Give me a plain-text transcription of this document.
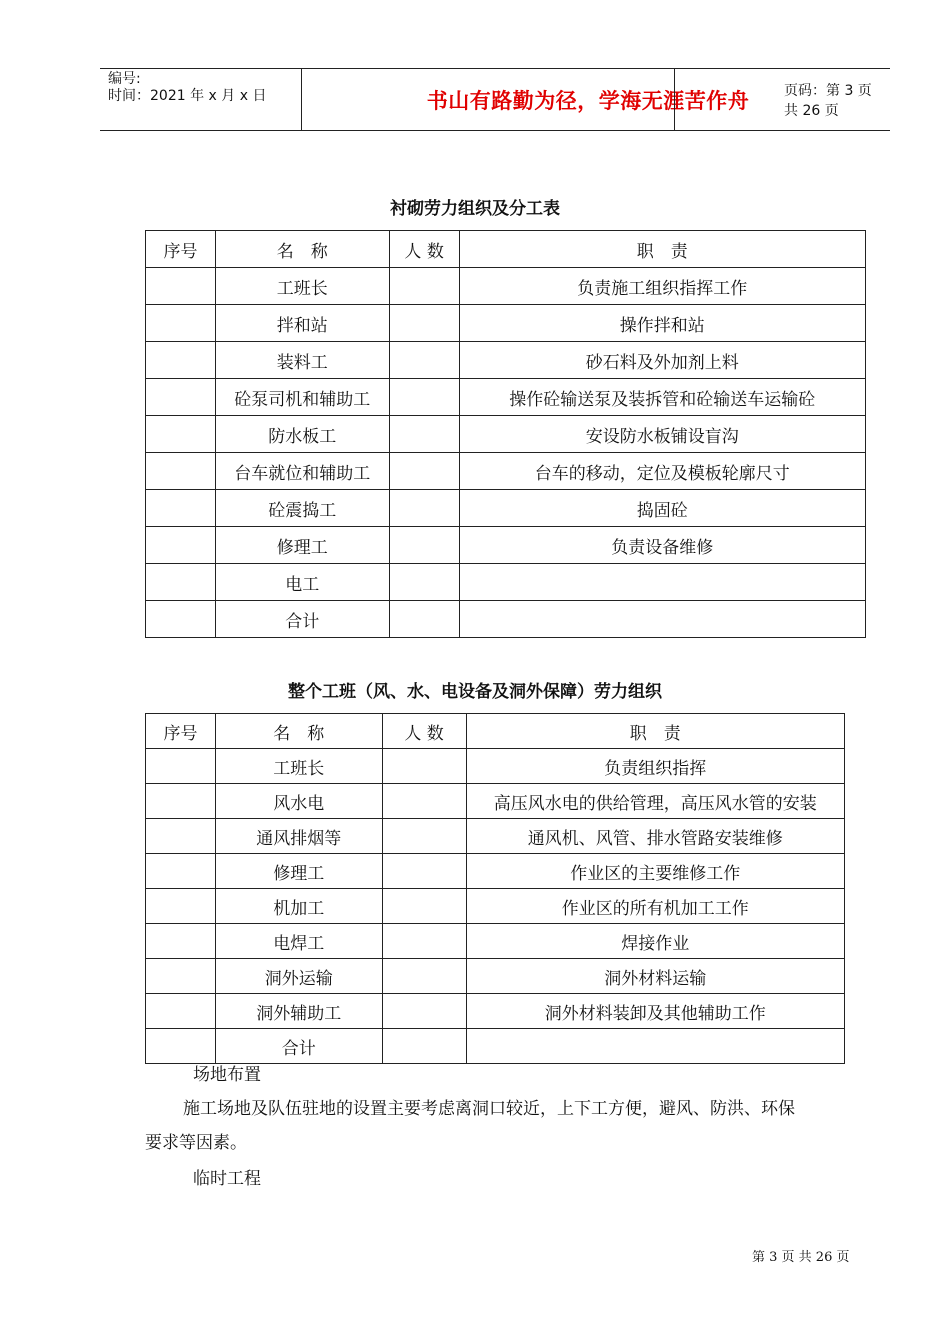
编号:
时间：2021 年 x 月 x 日	书山有路勤为径，学海无涯苦作舟	页码：第 3 页 共 26 页
衬砌劳力组织及分工表
序号	名　称	人 数	职　责
	工班长		负责施工组织指挥工作
	拌和站		操作拌和站
	装料工		砂石料及外加剂上料
	砼泵司机和辅助工		操作砼输送泵及装拆管和砼输送车运输砼
	防水板工		安设防水板铺设盲沟
	台车就位和辅助工		台车的移动，定位及模板轮廓尺寸
	砼震捣工		捣固砼
	修理工		负责设备维修
	电工		
	合计		
整个工班（风、水、电设备及洞外保障）劳力组织
序号	名　称	人 数	职　责
	工班长		负责组织指挥
	风水电		高压风水电的供给管理，高压风水管的安装
	通风排烟等		通风机、风管、排水管路安装维修
	修理工		作业区的主要维修工作
	机加工		作业区的所有机加工工作
	电焊工		焊接作业
	洞外运输		洞外材料运输
	洞外辅助工		洞外材料装卸及其他辅助工作
	合计		
场地布置
施工场地及队伍驻地的设置主要考虑离洞口较近，上下工方便，避风、防洪、环保
要求等因素。
临时工程
第 3 页 共 26 页
